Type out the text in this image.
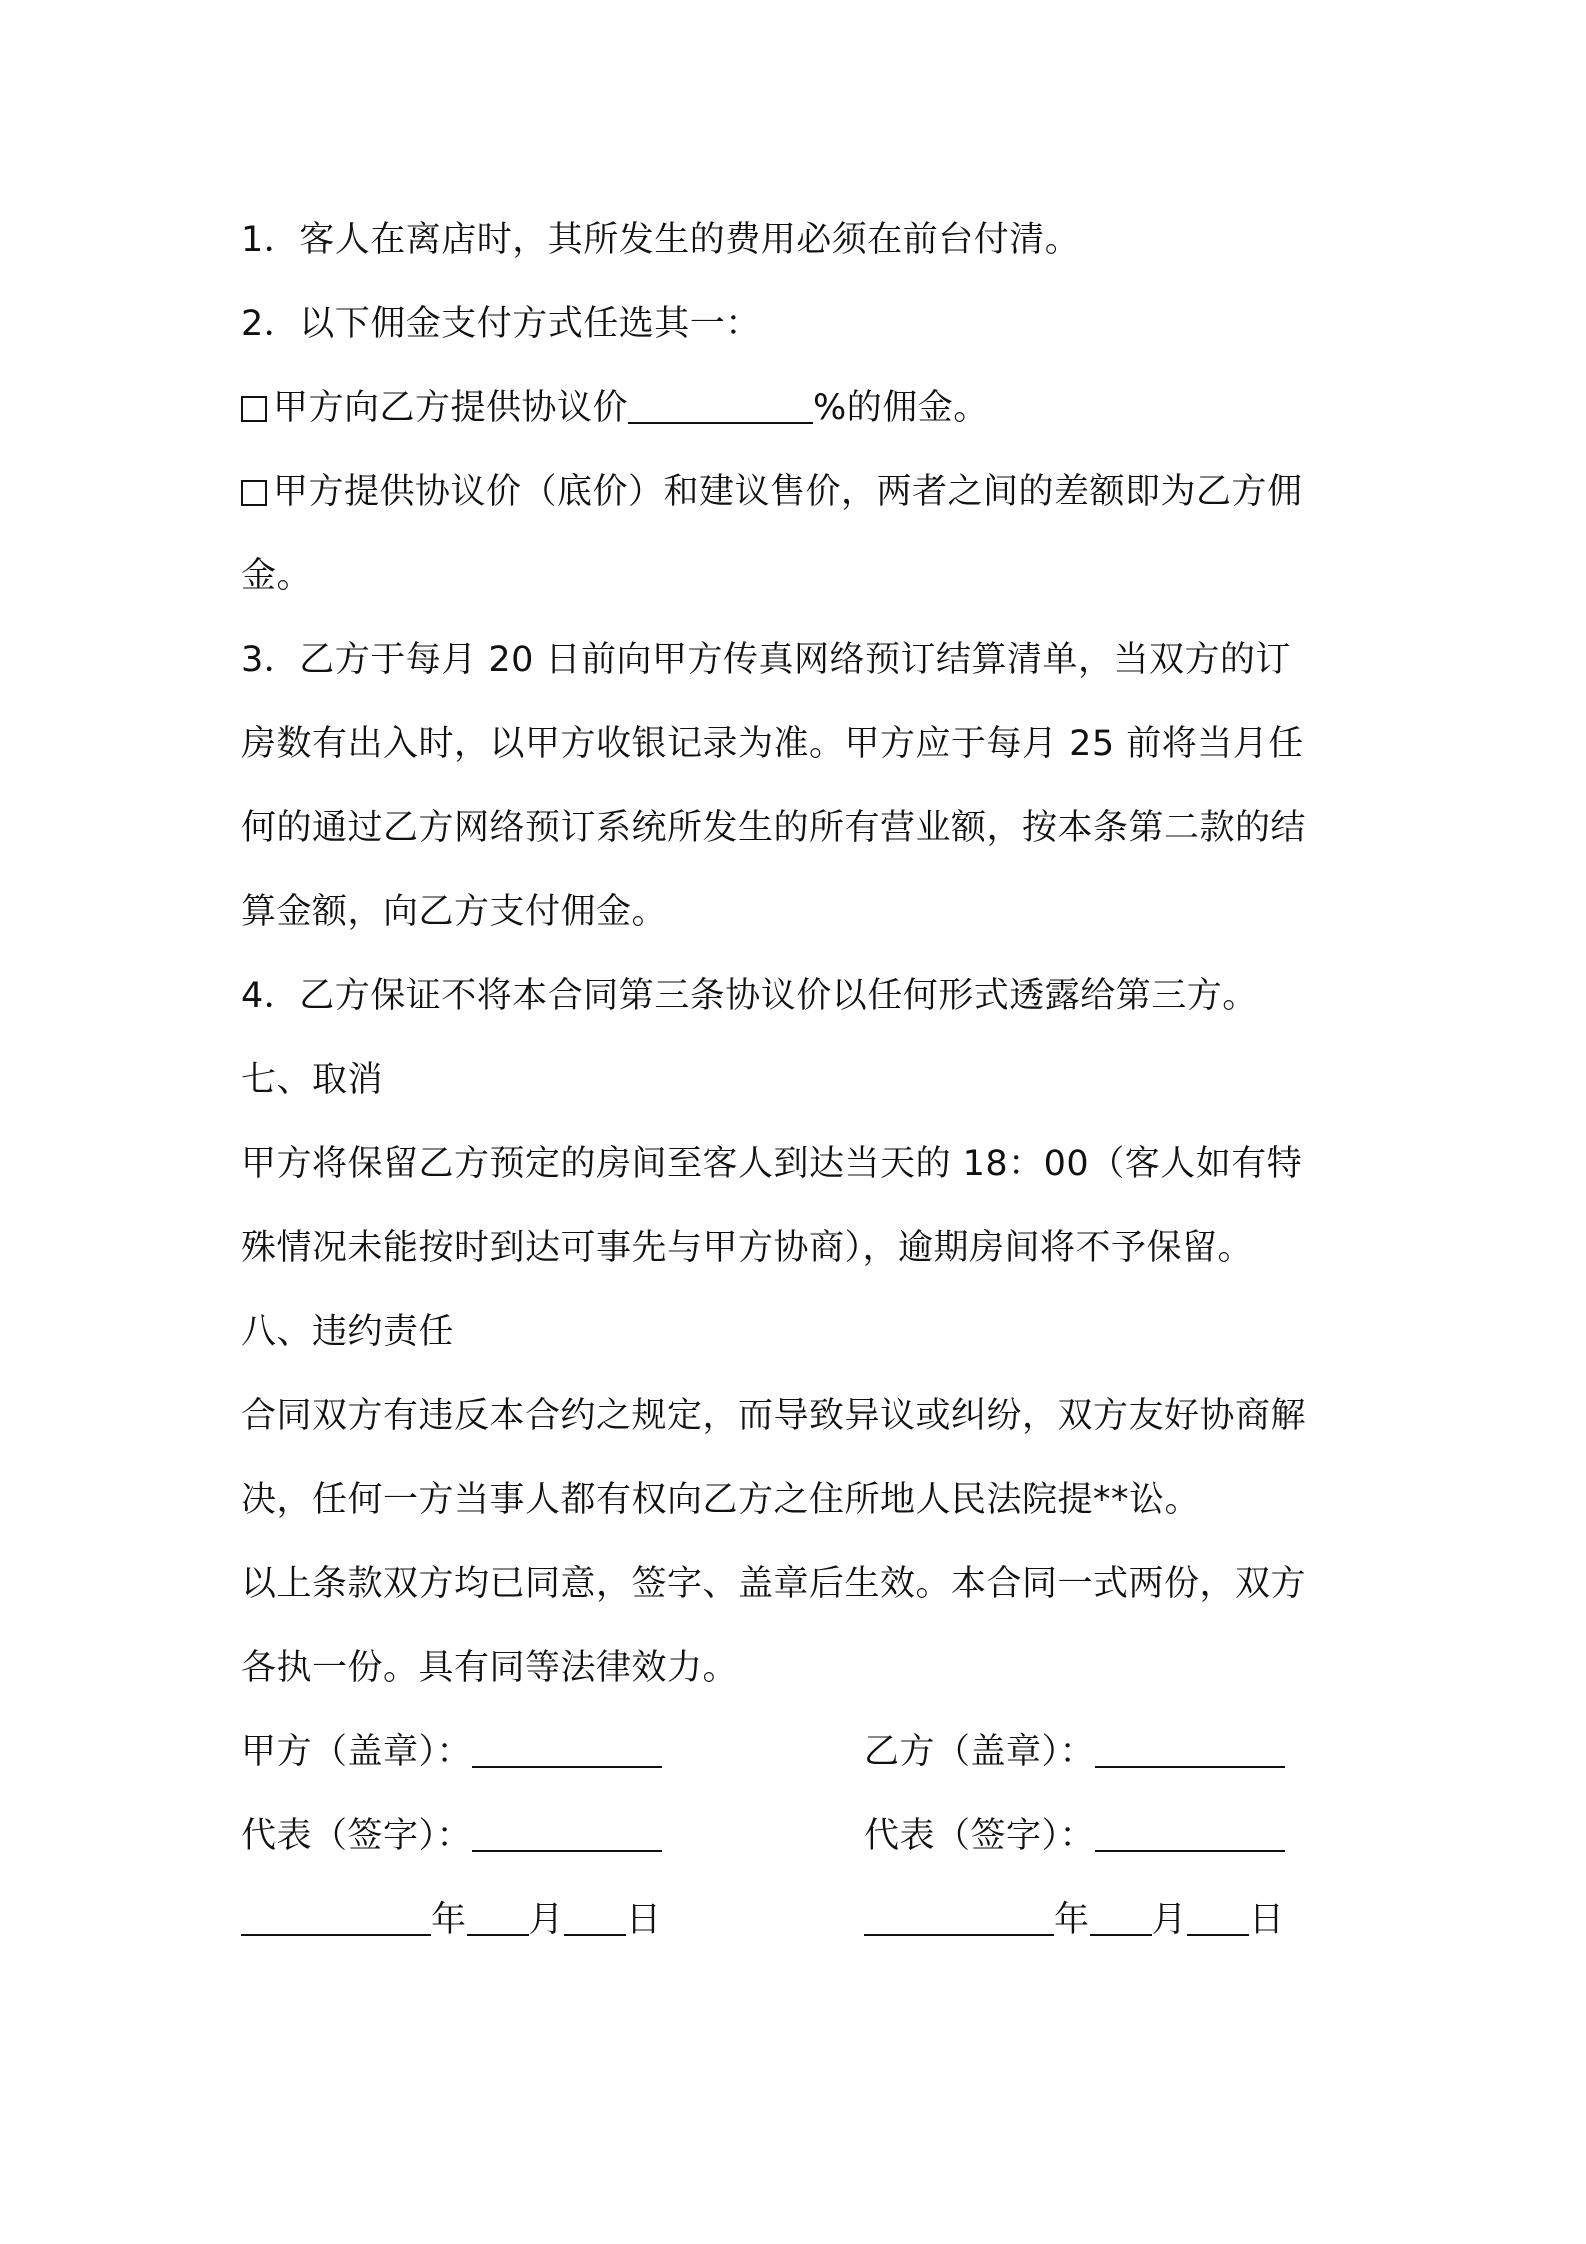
1．客人在离店时，其所发生的费用必须在前台付清。

2．以下佣金支付方式任选其一：

甲方向乙方提供协议价	%的佣金。

甲方提供协议价（底价）和建议售价，两者之间的差额即为乙方佣
金。

3．乙方于每月 20 日前向甲方传真网络预订结算清单，当双方的订
房数有出入时，以甲方收银记录为准。甲方应于每月 25 前将当月任
何的通过乙方网络预订系统所发生的所有营业额，按本条第二款的结
算金额，向乙方支付佣金。

4．乙方保证不将本合同第三条协议价以任何形式透露给第三方。

七、取消

甲方将保留乙方预定的房间至客人到达当天的 18：00（客人如有特
殊情况未能按时到达可事先与甲方协商），逾期房间将不予保留。

八、违约责任

合同双方有违反本合约之规定，而导致异议或纠纷，双方友好协商解
决，任何一方当事人都有权向乙方之住所地人民法院提**讼。

以上条款双方均已同意，签字、盖章后生效。本合同一式两份，双方
各执一份。具有同等法律效力。

甲方（盖章）：	乙方（盖章）：
代表（签字）：	代表（签字）：
年 月 日	年 月 日
